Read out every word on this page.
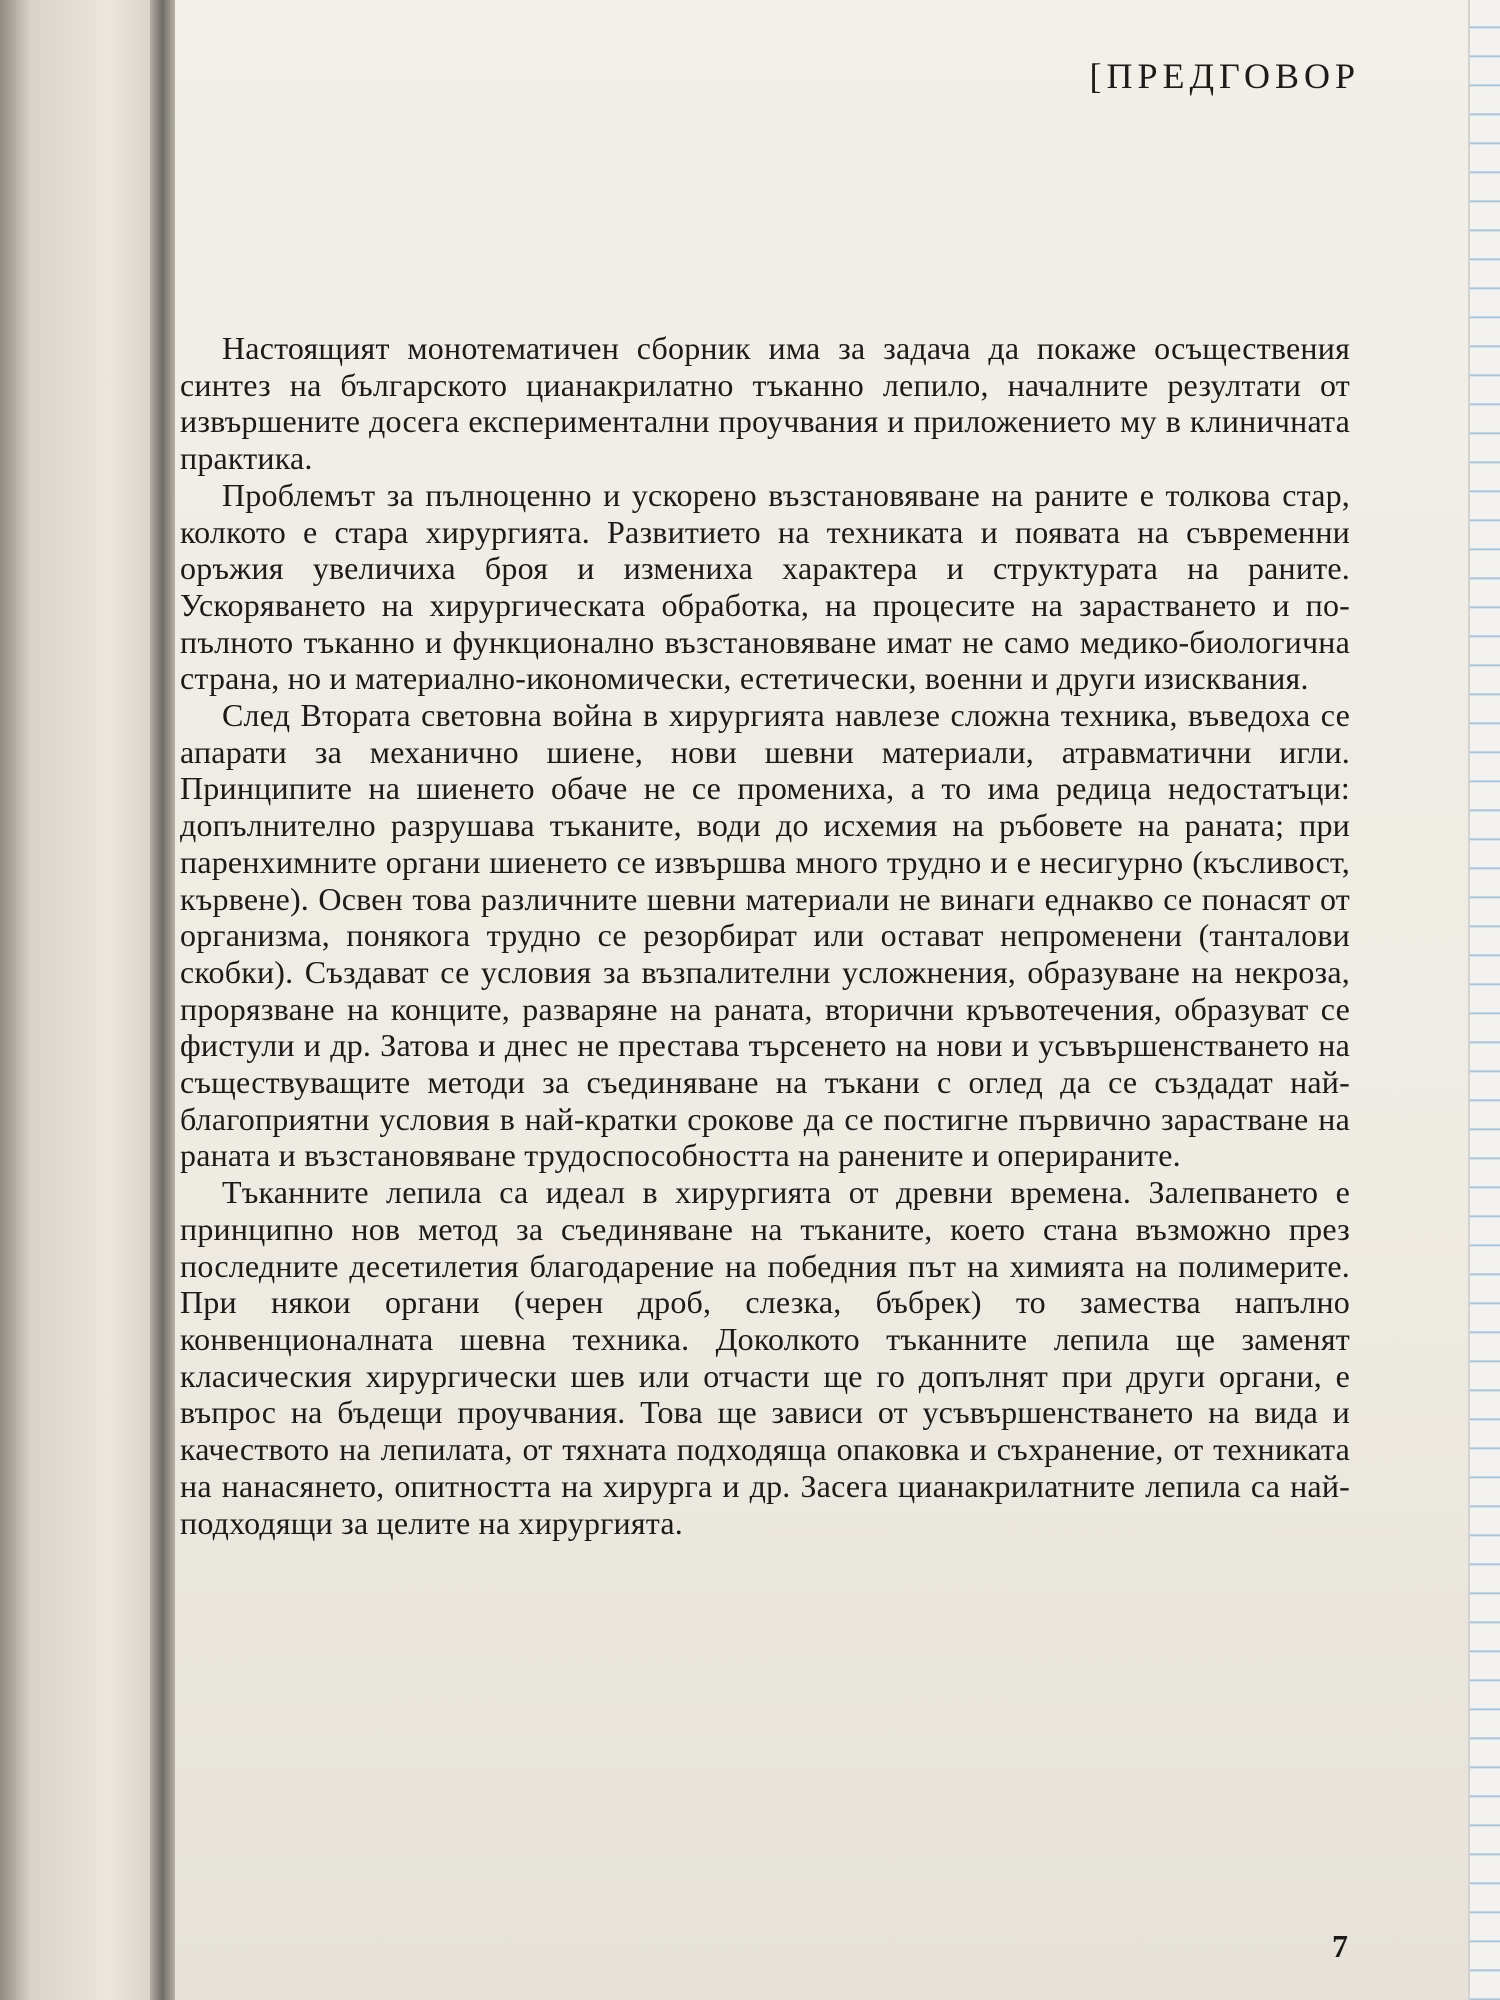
[ПРЕДГОВОР

Настоящият монотематичен сборник има за задача да покаже осъществения синтез на българското цианакрилатно тъканно лепило, началните резултати от извършените досега експериментални проучвания и приложението му в клиничната практика.

Проблемът за пълноценно и ускорено възстановяване на раните е толкова стар, колкото е стара хирургията. Развитието на техниката и появата на съвременни оръжия увеличиха броя и измениха характера и структурата на раните. Ускоряването на хирургическата обработка, на процесите на зарастването и по-пълното тъканно и функционално възстановяване имат не само медико-биологична страна, но и материално-икономически, естетически, военни и други изисквания.

След Втората световна война в хирургията навлезе сложна техника, въведоха се апарати за механично шиене, нови шевни материали, атравматични игли. Принципите на шиенето обаче не се промениха, а то има редица недостатъци: допълнително разрушава тъканите, води до исхемия на ръбовете на раната; при паренхимните органи шиенето се извършва много трудно и е несигурно (късливост, кървене). Освен това различните шевни материали не винаги еднакво се понасят от организма, понякога трудно се резорбират или остават непроменени (танталови скобки). Създават се условия за възпалителни усложнения, образуване на некроза, прорязване на конците, разваряне на раната, вторични кръвотечения, образуват се фистули и др. Затова и днес не престава търсенето на нови и усъвършенстването на съществуващите методи за съединяване на тъкани с оглед да се създадат най-благоприятни условия в най-кратки срокове да се постигне първично зарастване на раната и възстановяване трудоспособността на ранените и оперираните.

Тъканните лепила са идеал в хирургията от древни времена. Залепването е принципно нов метод за съединяване на тъканите, което стана възможно през последните десетилетия благодарение на победния път на химията на полимерите. При някои органи (черен дроб, слезка, бъбрек) то замества напълно конвенционалната шевна техника. Доколкото тъканните лепила ще заменят класическия хирургически шев или отчасти ще го допълнят при други органи, е въпрос на бъдещи проучвания. Това ще зависи от усъвършенстването на вида и качеството на лепилата, от тяхната подходяща опаковка и съхранение, от техниката на нанасянето, опитността на хирурга и др. Засега цианакрилатните лепила са най-подходящи за целите на хирургията.

7
